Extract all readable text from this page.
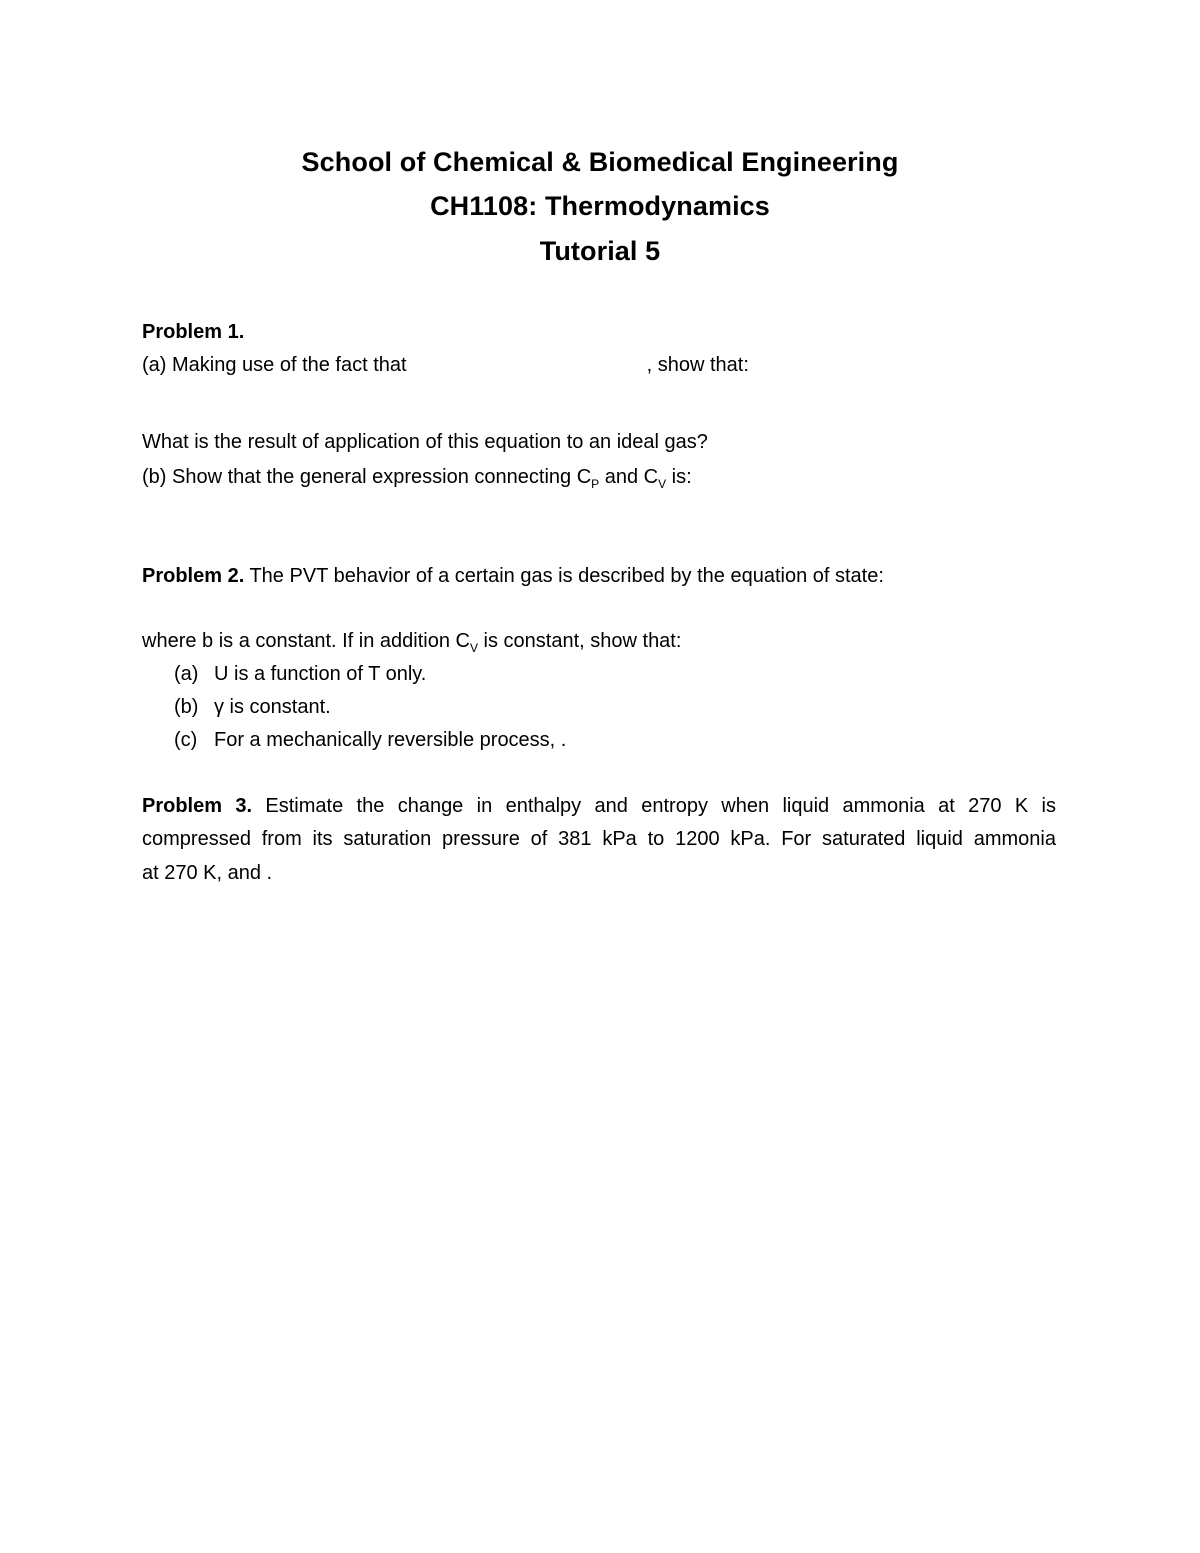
School of Chemical & Biomedical Engineering
CH1108: Thermodynamics
Tutorial 5
Problem 1.
(a) Making use of the fact that	, show that:
What is the result of application of this equation to an ideal gas?
(b) Show that the general expression connecting $C_P$ and $C_V$ is:
Problem 2. The PVT behavior of a certain gas is described by the equation of state:
where b is a constant. If in addition $C_V$ is constant, show that:
(a) U is a function of T only.
(b) γ is constant.
(c) For a mechanically reversible process, .
Problem 3. Estimate the change in enthalpy and entropy when liquid ammonia at 270 K is
compressed from its saturation pressure of 381 kPa to 1200 kPa. For saturated liquid ammonia
at 270 K, and .
